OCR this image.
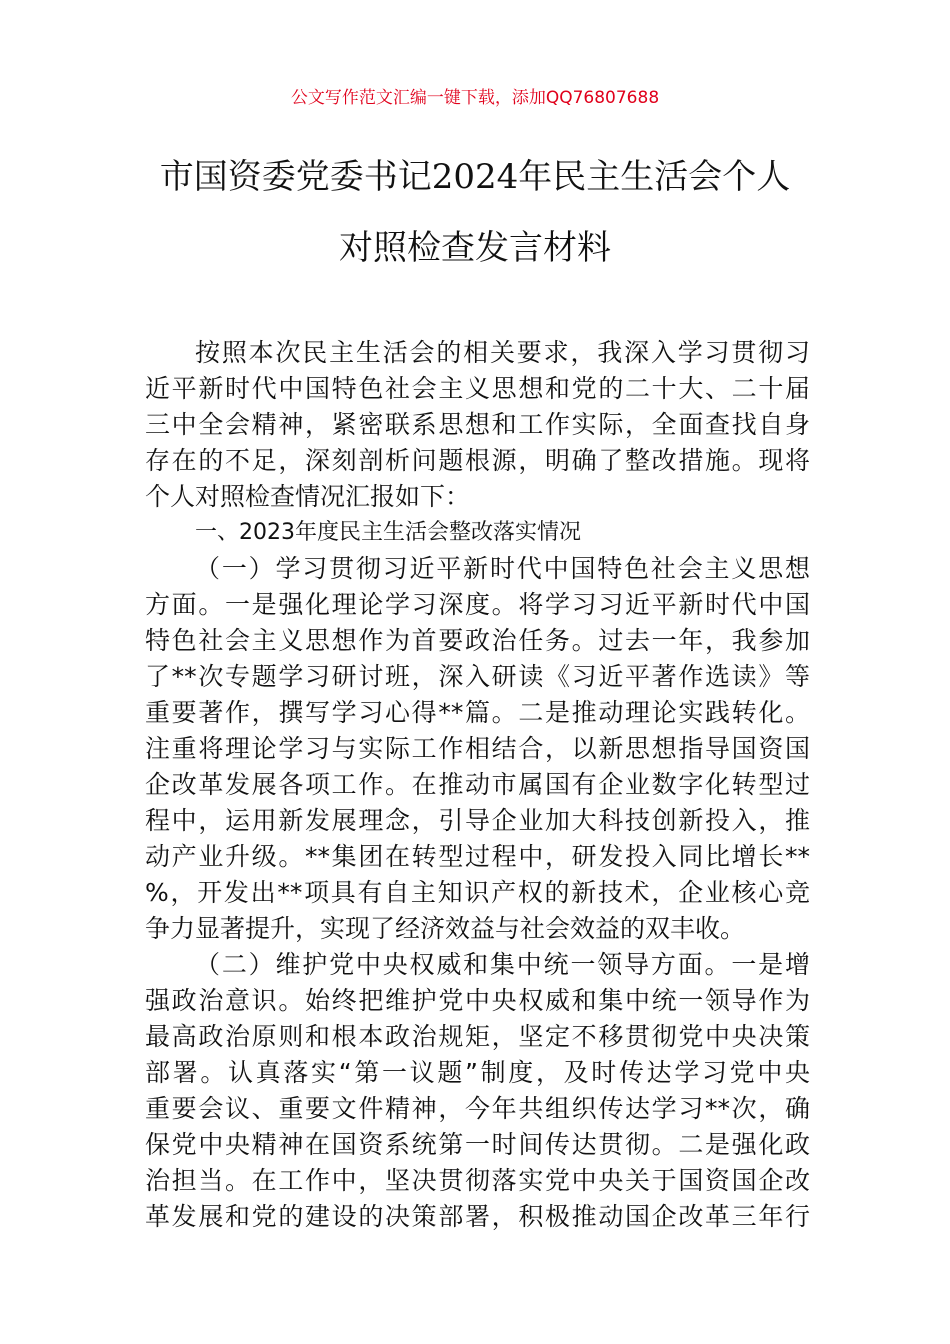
公文写作范文汇编一键下载，添加QQ76807688
市国资委党委书记2024年民主生活会个人
对照检查发言材料
按照本次民主生活会的相关要求，我深入学习贯彻习
近平新时代中国特色社会主义思想和党的二十大、二十届
三中全会精神，紧密联系思想和工作实际，全面查找自身
存在的不足，深刻剖析问题根源，明确了整改措施。现将
个人对照检查情况汇报如下：
一、2023年度民主生活会整改落实情况
（一）学习贯彻习近平新时代中国特色社会主义思想
方面。一是强化理论学习深度。将学习习近平新时代中国
特色社会主义思想作为首要政治任务。过去一年，我参加
了**次专题学习研讨班，深入研读《习近平著作选读》等
重要著作，撰写学习心得**篇。二是推动理论实践转化。
注重将理论学习与实际工作相结合，以新思想指导国资国
企改革发展各项工作。在推动市属国有企业数字化转型过
程中，运用新发展理念，引导企业加大科技创新投入，推
动产业升级。**集团在转型过程中，研发投入同比增长**
%，开发出**项具有自主知识产权的新技术，企业核心竞
争力显著提升，实现了经济效益与社会效益的双丰收。
（二）维护党中央权威和集中统一领导方面。一是增
强政治意识。始终把维护党中央权威和集中统一领导作为
最高政治原则和根本政治规矩，坚定不移贯彻党中央决策
部署。认真落实“第一议题”制度，及时传达学习党中央
重要会议、重要文件精神，今年共组织传达学习**次，确
保党中央精神在国资系统第一时间传达贯彻。二是强化政
治担当。在工作中，坚决贯彻落实党中央关于国资国企改
革发展和党的建设的决策部署，积极推动国企改革三年行
